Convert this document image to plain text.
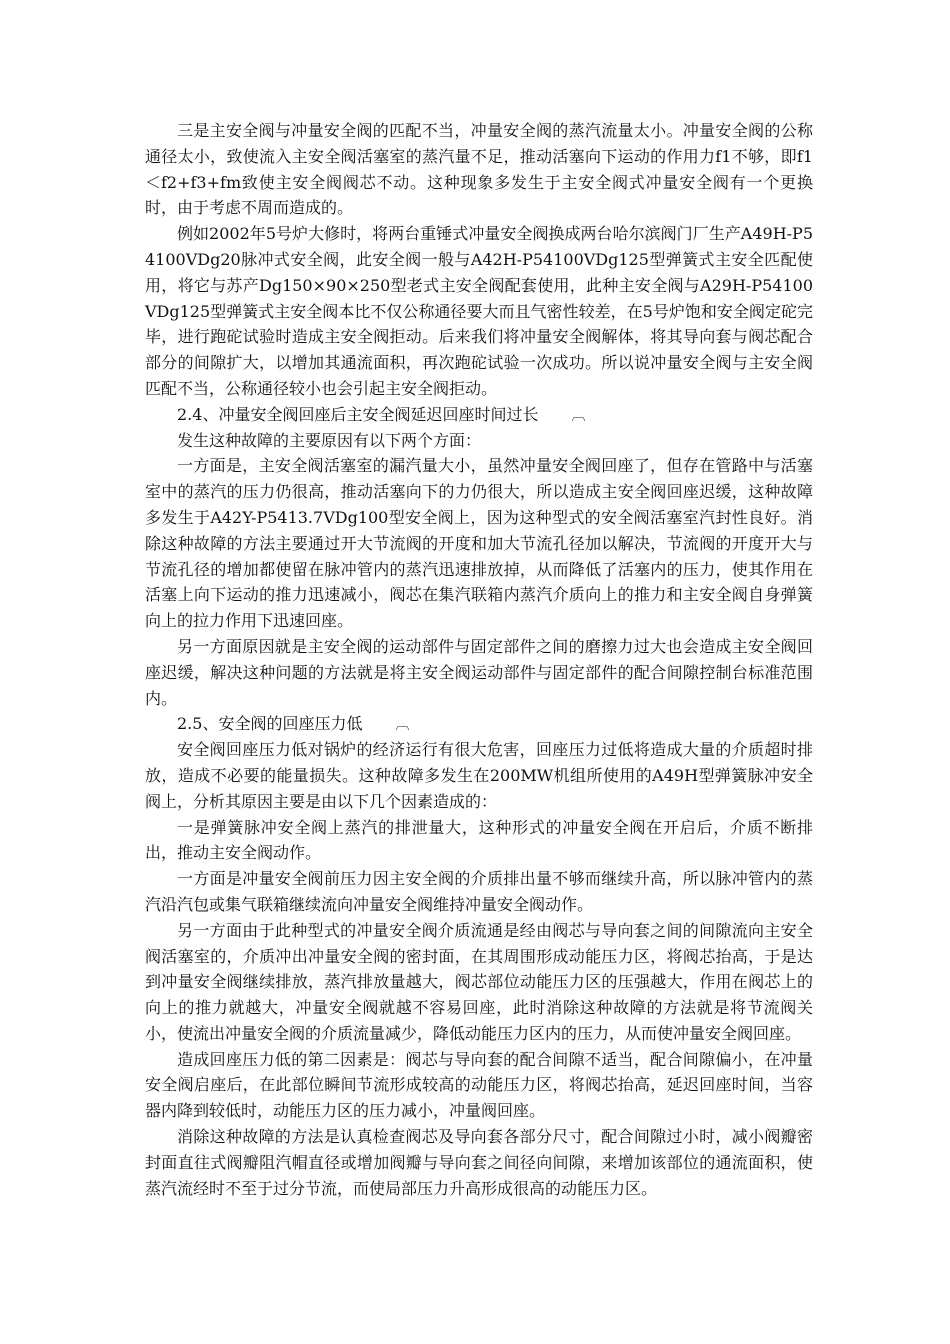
三是主安全阀与冲量安全阀的匹配不当，冲量安全阀的蒸汽流量太小。冲量安全阀的公称通径太小，致使流入主安全阀活塞室的蒸汽量不足，推动活塞向下运动的作用力f1不够，即f1＜f2+f3+fm致使主安全阀阀芯不动。这种现象多发生于主安全阀式冲量安全阀有一个更换时，由于考虑不周而造成的。

例如2002年5号炉大修时，将两台重锤式冲量安全阀换成两台哈尔滨阀门厂生产A49H-P54100VDg20脉冲式安全阀，此安全阀一般与A42H-P54100VDg125型弹簧式主安全匹配使用，将它与苏产Dg150×90×250型老式主安全阀配套使用，此种主安全阀与A29H-P54100VDg125型弹簧式主安全阀本比不仅公称通径要大而且气密性较差，在5号炉饱和安全阀定砣完毕，进行跑砣试验时造成主安全阀拒动。后来我们将冲量安全阀解体，将其导向套与阀芯配合部分的间隙扩大，以增加其通流面积，再次跑砣试验一次成功。所以说冲量安全阀与主安全阀匹配不当，公称通径较小也会引起主安全阀拒动。

2.4、冲量安全阀回座后主安全阀延迟回座时间过长 ︹

发生这种故障的主要原因有以下两个方面：

一方面是，主安全阀活塞室的漏汽量大小，虽然冲量安全阀回座了，但存在管路中与活塞室中的蒸汽的压力仍很高，推动活塞向下的力仍很大，所以造成主安全阀回座迟缓，这种故障多发生于A42Y-P5413.7VDg100型安全阀上，因为这种型式的安全阀活塞室汽封性良好。消除这种故障的方法主要通过开大节流阀的开度和加大节流孔径加以解决，节流阀的开度开大与节流孔径的增加都使留在脉冲管内的蒸汽迅速排放掉，从而降低了活塞内的压力，使其作用在活塞上向下运动的推力迅速减小，阀芯在集汽联箱内蒸汽介质向上的推力和主安全阀自身弹簧向上的拉力作用下迅速回座。

另一方面原因就是主安全阀的运动部件与固定部件之间的磨擦力过大也会造成主安全阀回座迟缓，解决这种问题的方法就是将主安全阀运动部件与固定部件的配合间隙控制台标准范围内。

2.5、安全阀的回座压力低 ︹

安全阀回座压力低对锅炉的经济运行有很大危害，回座压力过低将造成大量的介质超时排放，造成不必要的能量损失。这种故障多发生在200MW机组所使用的A49H型弹簧脉冲安全阀上，分析其原因主要是由以下几个因素造成的：

一是弹簧脉冲安全阀上蒸汽的排泄量大，这种形式的冲量安全阀在开启后，介质不断排出，推动主安全阀动作。

一方面是冲量安全阀前压力因主安全阀的介质排出量不够而继续升高，所以脉冲管内的蒸汽沿汽包或集气联箱继续流向冲量安全阀维持冲量安全阀动作。

另一方面由于此种型式的冲量安全阀介质流通是经由阀芯与导向套之间的间隙流向主安全阀活塞室的，介质冲出冲量安全阀的密封面，在其周围形成动能压力区，将阀芯抬高，于是达到冲量安全阀继续排放，蒸汽排放量越大，阀芯部位动能压力区的压强越大，作用在阀芯上的向上的推力就越大，冲量安全阀就越不容易回座，此时消除这种故障的方法就是将节流阀关小，使流出冲量安全阀的介质流量减少，降低动能压力区内的压力，从而使冲量安全阀回座。

造成回座压力低的第二因素是：阀芯与导向套的配合间隙不适当，配合间隙偏小，在冲量安全阀启座后，在此部位瞬间节流形成较高的动能压力区，将阀芯抬高，延迟回座时间，当容器内降到较低时，动能压力区的压力减小，冲量阀回座。

消除这种故障的方法是认真检查阀芯及导向套各部分尺寸，配合间隙过小时，减小阀瓣密封面直往式阀瓣阻汽帽直径或增加阀瓣与导向套之间径向间隙，来增加该部位的通流面积，使蒸汽流经时不至于过分节流，而使局部压力升高形成很高的动能压力区。
